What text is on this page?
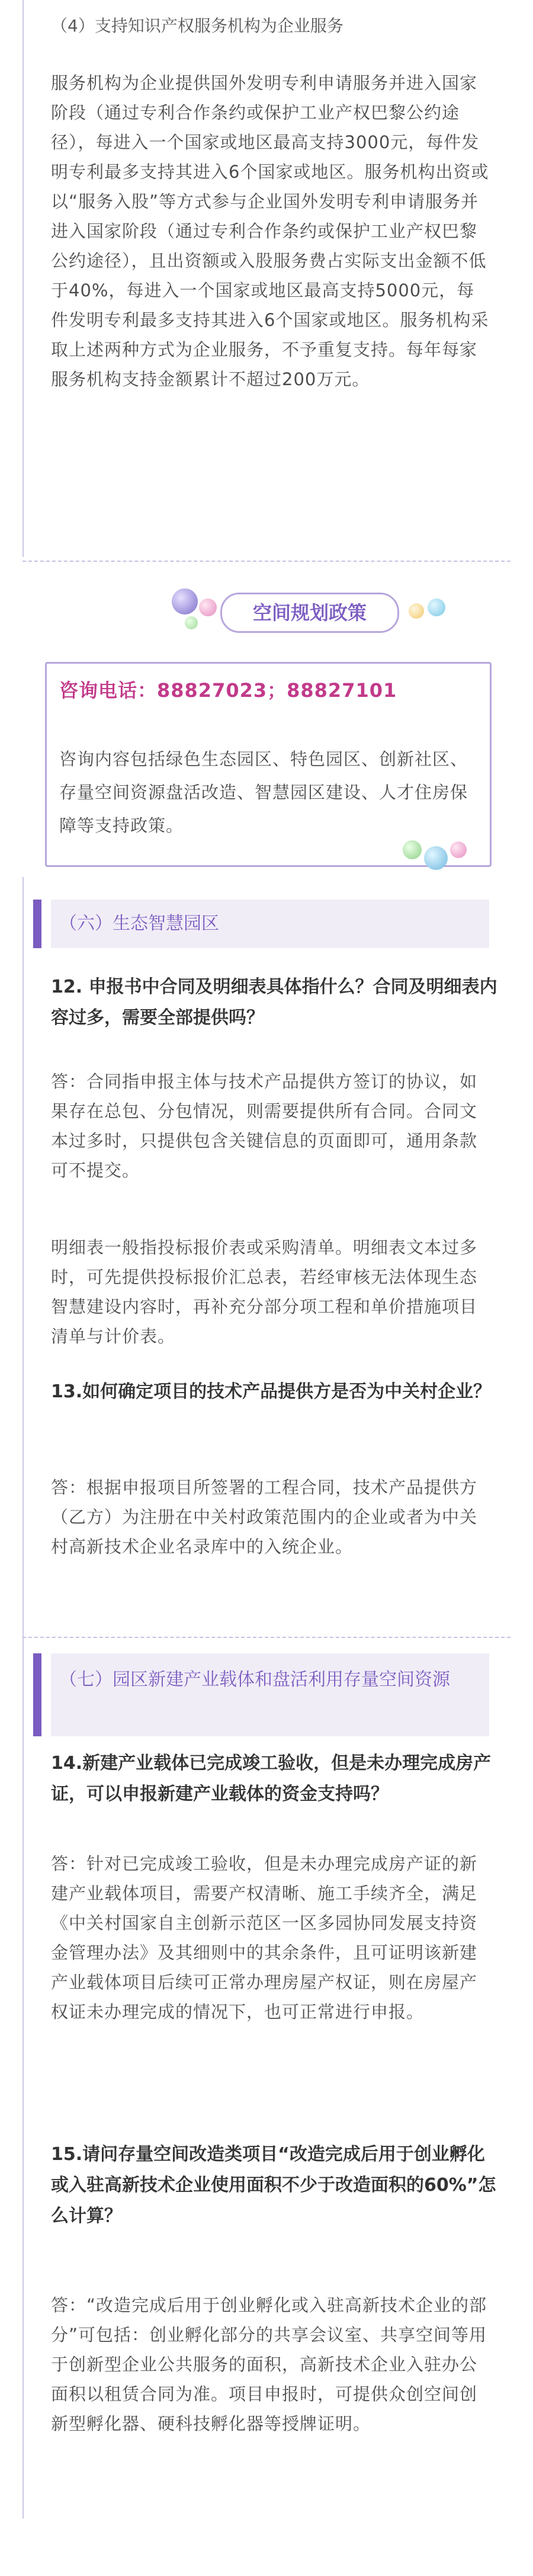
（4）支持知识产权服务机构为企业服务

服务机构为企业提供国外发明专利申请服务并进入国家阶段（通过专利合作条约或保护工业产权巴黎公约途径），每进入一个国家或地区最高支持3000元，每件发明专利最多支持其进入6个国家或地区。服务机构出资或以“服务入股”等方式参与企业国外发明专利申请服务并进入国家阶段（通过专利合作条约或保护工业产权巴黎公约途径），且出资额或入股服务费占实际支出金额不低于40%，每进入一个国家或地区最高支持5000元，每件发明专利最多支持其进入6个国家或地区。服务机构采取上述两种方式为企业服务，不予重复支持。每年每家服务机构支持金额累计不超过200万元。

空间规划政策
咨询电话：88827023；88827101

咨询内容包括绿色生态园区、特色园区、创新社区、存量空间资源盘活改造、智慧园区建设、人才住房保障等支持政策。

（六）生态智慧园区

12. 申报书中合同及明细表具体指什么？合同及明细表内容过多，需要全部提供吗？

答：合同指申报主体与技术产品提供方签订的协议，如果存在总包、分包情况，则需要提供所有合同。合同文本过多时，只提供包含关键信息的页面即可，通用条款可不提交。

明细表一般指投标报价表或采购清单。明细表文本过多时，可先提供投标报价汇总表，若经审核无法体现生态智慧建设内容时，再补充分部分项工程和单价措施项目清单与计价表。

13.如何确定项目的技术产品提供方是否为中关村企业？

答：根据申报项目所签署的工程合同，技术产品提供方（乙方）为注册在中关村政策范围内的企业或者为中关村高新技术企业名录库中的入统企业。

（七）园区新建产业载体和盘活利用存量空间资源

14.新建产业载体已完成竣工验收，但是未办理完成房产证，可以申报新建产业载体的资金支持吗？

答：针对已完成竣工验收，但是未办理完成房产证的新建产业载体项目，需要产权清晰、施工手续齐全，满足《中关村国家自主创新示范区一区多园协同发展支持资金管理办法》及其细则中的其余条件，且可证明该新建产业载体项目后续可正常办理房屋产权证，则在房屋产权证未办理完成的情况下，也可正常进行申报。

15.请问存量空间改造类项目“改造完成后用于创业孵化或入驻高新技术企业使用面积不少于改造面积的60%”怎么计算？

答：“改造完成后用于创业孵化或入驻高新技术企业的部分”可包括：创业孵化部分的共享会议室、共享空间等用于创新型企业公共服务的面积，高新技术企业入驻办公面积以租赁合同为准。项目申报时，可提供众创空间创新型孵化器、硬科技孵化器等授牌证明。
